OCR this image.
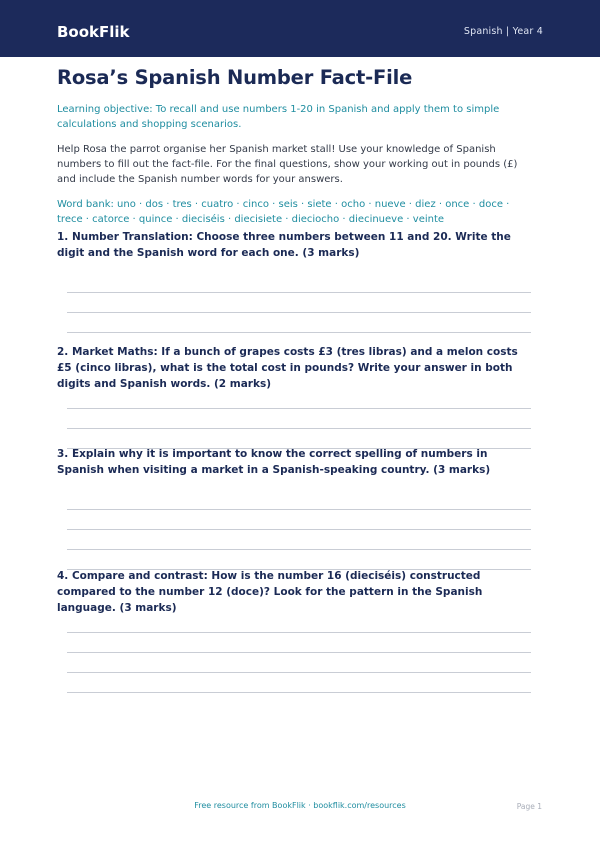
BookFlik	Spanish | Year 4
Rosa’s Spanish Number Fact-File

Learning objective: To recall and use numbers 1-20 in Spanish and apply them to simple calculations and shopping scenarios.

Help Rosa the parrot organise her Spanish market stall! Use your knowledge of Spanish numbers to fill out the fact-file. For the final questions, show your working out in pounds (£) and include the Spanish number words for your answers.

Word bank: uno · dos · tres · cuatro · cinco · seis · siete · ocho · nueve · diez · once · doce · trece · catorce · quince · dieciséis · diecisiete · dieciocho · diecinueve · veinte

1. Number Translation: Choose three numbers between 11 and 20. Write the digit and the Spanish word for each one. (3 marks)

2. Market Maths: If a bunch of grapes costs £3 (tres libras) and a melon costs £5 (cinco libras), what is the total cost in pounds? Write your answer in both digits and Spanish words. (2 marks)

3. Explain why it is important to know the correct spelling of numbers in Spanish when visiting a market in a Spanish-speaking country. (3 marks)

4. Compare and contrast: How is the number 16 (dieciséis) constructed compared to the number 12 (doce)? Look for the pattern in the Spanish language. (3 marks)

Free resource from BookFlik · bookflik.com/resources	Page 1
